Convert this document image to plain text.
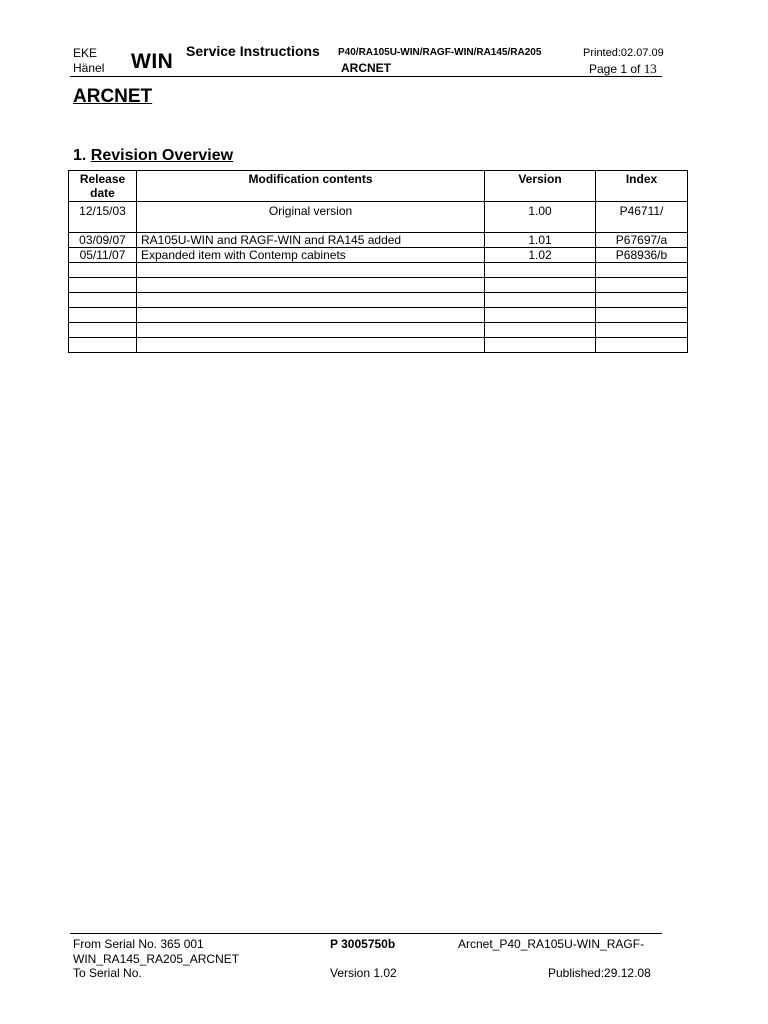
EKE
Hänel WIN Service Instructions P40/RA105U-WIN/RAGF-WIN/RA145/RA205
ARCNET
Printed:02.07.09
Page 1 of 13
ARCNET
1. Revision Overview
Release date	Modification contents	Version	Index
12/15/03	Original version	1.00	P46711/
03/09/07	RA105U-WIN and RAGF-WIN and RA145 added	1.01	P67697/a
05/11/07	Expanded item with Contemp cabinets	1.02	P68936/b

From Serial No. 365 001	P 3005750b	Arcnet_P40_RA105U-WIN_RAGF-
WIN_RA145_RA205_ARCNET
To Serial No.	Version 1.02	Published:29.12.08
